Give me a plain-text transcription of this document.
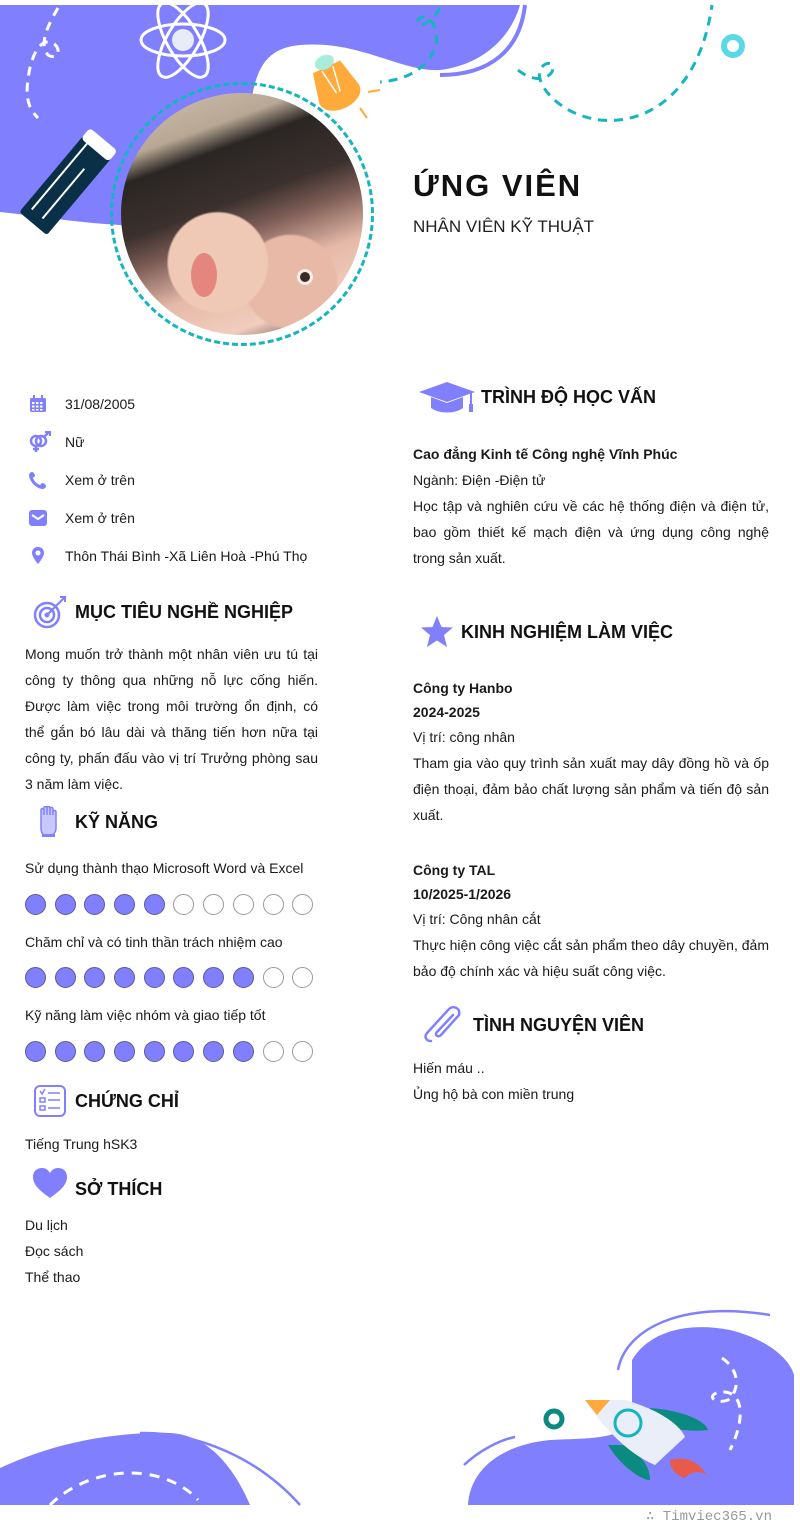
ỨNG VIÊN
NHÂN VIÊN KỸ THUẬT
31/08/2005
Nữ
Xem ở trên
Xem ở trên
Thôn Thái Bình -Xã Liên Hoà -Phú Thọ
MỤC TIÊU NGHỀ NGHIỆP
Mong muốn trở thành một nhân viên ưu tú tại công ty thông qua những nỗ lực cống hiến. Được làm việc trong môi trường ổn định, có thể gắn bó lâu dài và thăng tiến hơn nữa tại công ty, phấn đấu vào vị trí Trưởng phòng sau 3 năm làm việc.
KỸ NĂNG
Sử dụng thành thạo Microsoft Word và Excel
Chăm chỉ và có tinh thần trách nhiệm cao
Kỹ năng làm việc nhóm và giao tiếp tốt
CHỨNG CHỈ
Tiếng Trung hSK3
SỞ THÍCH
Du lịch
Đọc sách
Thể thao
TRÌNH ĐỘ HỌC VẤN
Cao đẳng Kinh tế Công nghệ Vĩnh Phúc
Ngành: Điện -Điện tử
Học tập và nghiên cứu về các hệ thống điện và điện tử, bao gồm thiết kế mạch điện và ứng dụng công nghệ trong sản xuất.
KINH NGHIỆM LÀM VIỆC
Công ty Hanbo
2024-2025
Vị trí: công nhân
Tham gia vào quy trình sản xuất may dây đồng hồ và ốp điện thoại, đảm bảo chất lượng sản phẩm và tiến độ sản xuất.
Công ty TAL
10/2025-1/2026
Vị trí: Công nhân cắt
Thực hiện công việc cắt sản phẩm theo dây chuyền, đảm bảo độ chính xác và hiệu suất công việc.
TÌNH NGUYỆN VIÊN
Hiến máu ..
Ủng hộ bà con miền trung
∴ Timviec365.vn
